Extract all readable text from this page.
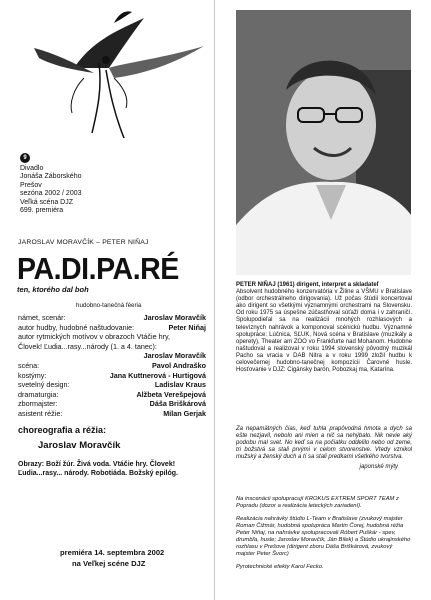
9
Divadlo
Jonáša Záborského
Prešov
sezóna 2002 / 2003
Veľká scéna DJZ
699. premiéra
JAROSLAV MORAVČÍK – PETER NIŇAJ
PA.DI.PA.RÉ
ten, ktorého dal boh
hudobno-tanečná féeria
námet, scenár:	Jaroslav Moravčík
autor hudby, hudobné naštudovanie:	Peter Niňaj
autor rytmických motívov v obrazoch Vtáčie hry,
Človek! Ľudia...rasy...národy (1. a 4. tanec):
Jaroslav Moravčík
scéna:	Pavol Andraško
kostýmy:	Jana Kuttnerová - Hurtigová
svetelný design:	Ladislav Kraus
dramaturgia:	Alžbeta Verešpejová
zbormajster:	Dáša Briškárová
asistent réžie:	Milan Gerjak
choreografia a réžia:
Jaroslav Moravčík
Obrazy: Boží žúr. Živá voda. Vtáčie hry. Človek! Ľudia...rasy... národy. Robotiáda. Božský epilóg.
premiéra 14. septembra 2002
na Veľkej scéne DJZ
PETER NIŇAJ (1961) dirigent, interpret a skladateľ
Absolvent hudobného konzervatória v Žiline a VŠMU v Bratislave (odbor orchestrálneho dirigovania). Už počas štúdií koncertoval ako dirigent so všetkými významnými orchestrami na Slovensku. Od roku 1975 sa úspešne zúčastňoval súťaží doma i v zahraničí. Spolupodieľal sa na realizácii mnohých rozhlasových a televíznych nahrávok a komponoval scénickú hudbu. Významné spolupráce: Lúčnica, SĽUK, Nová scéna v Bratislave (muzikály a operety), Theater am ZOO vo Frankfurte nad Mohanom. Hudobne naštudoval a realizoval v roku 1994 slovenský pôvodný muzikál Pacho sa vracia v DAB Nitra a v roku 1999 zložil hudbu k celovečernej hudobno-tanečnej kompozícii Čarovné husle. Hosťovanie v DJZ: Cigánsky barón, Pobozkaj ma, Katarína.
Za nepamätných čias, keď tuhla prapôvodná hmota a dych sa ešte nezjavil, nebolo ani mien a nič sa nehýbalo. Nik nevie aký podobu mal svet. No keď sa na počiatku oddelilo nebo od zeme, tri božstvá sa stali prvými v celom stvorenstve. Vtedy vznikol mužský a ženský duch a tí sa stali predkami všetkého tvorstva.
japonské mýty

Na inscenácii spolupracují KROKUS EXTREM SPORT TEAM z Popradu (dozor a realizácia leteckých zariadení).

Realizácia nahrávky štúdio L-Team v Bratislave (zvukový majster Roman Čižmár, hudobná spolupráca Martin Čorej, hudobná réžia Peter Niňaj, na nahrávke spolupracovali Róbert Puškár - spev, drumbľa, husle; Jaroslav Moravčík, Ján Bílek) a Štúdio ukrajinského rozhlasu v Prešove (dirigent zboru Dáša Briškárová, zvukový majster Peter Švorc)

Pyrotechnické efekty Karol Fecko.
